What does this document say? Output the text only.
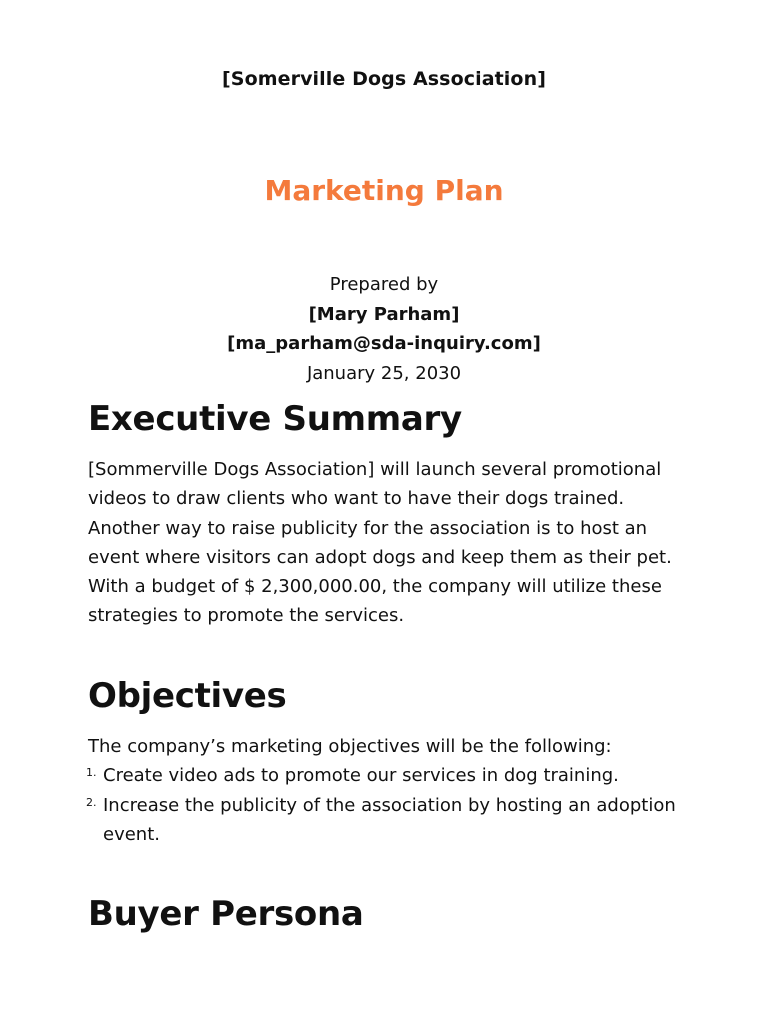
[Somerville Dogs Association]
Marketing Plan
Prepared by
[Mary Parham]
[ma_parham@sda-inquiry.com]
January 25, 2030
Executive Summary

[Sommerville Dogs Association] will launch several promotional videos to draw clients who want to have their dogs trained. Another way to raise publicity for the association is to host an event where visitors can adopt dogs and keep them as their pet. With a budget of $ 2,300,000.00, the company will utilize these strategies to promote the services.

Objectives

The company’s marketing objectives will be the following:

1. Create video ads to promote our services in dog training.
2. Increase the publicity of the association by hosting an adoption event.
Buyer Persona
